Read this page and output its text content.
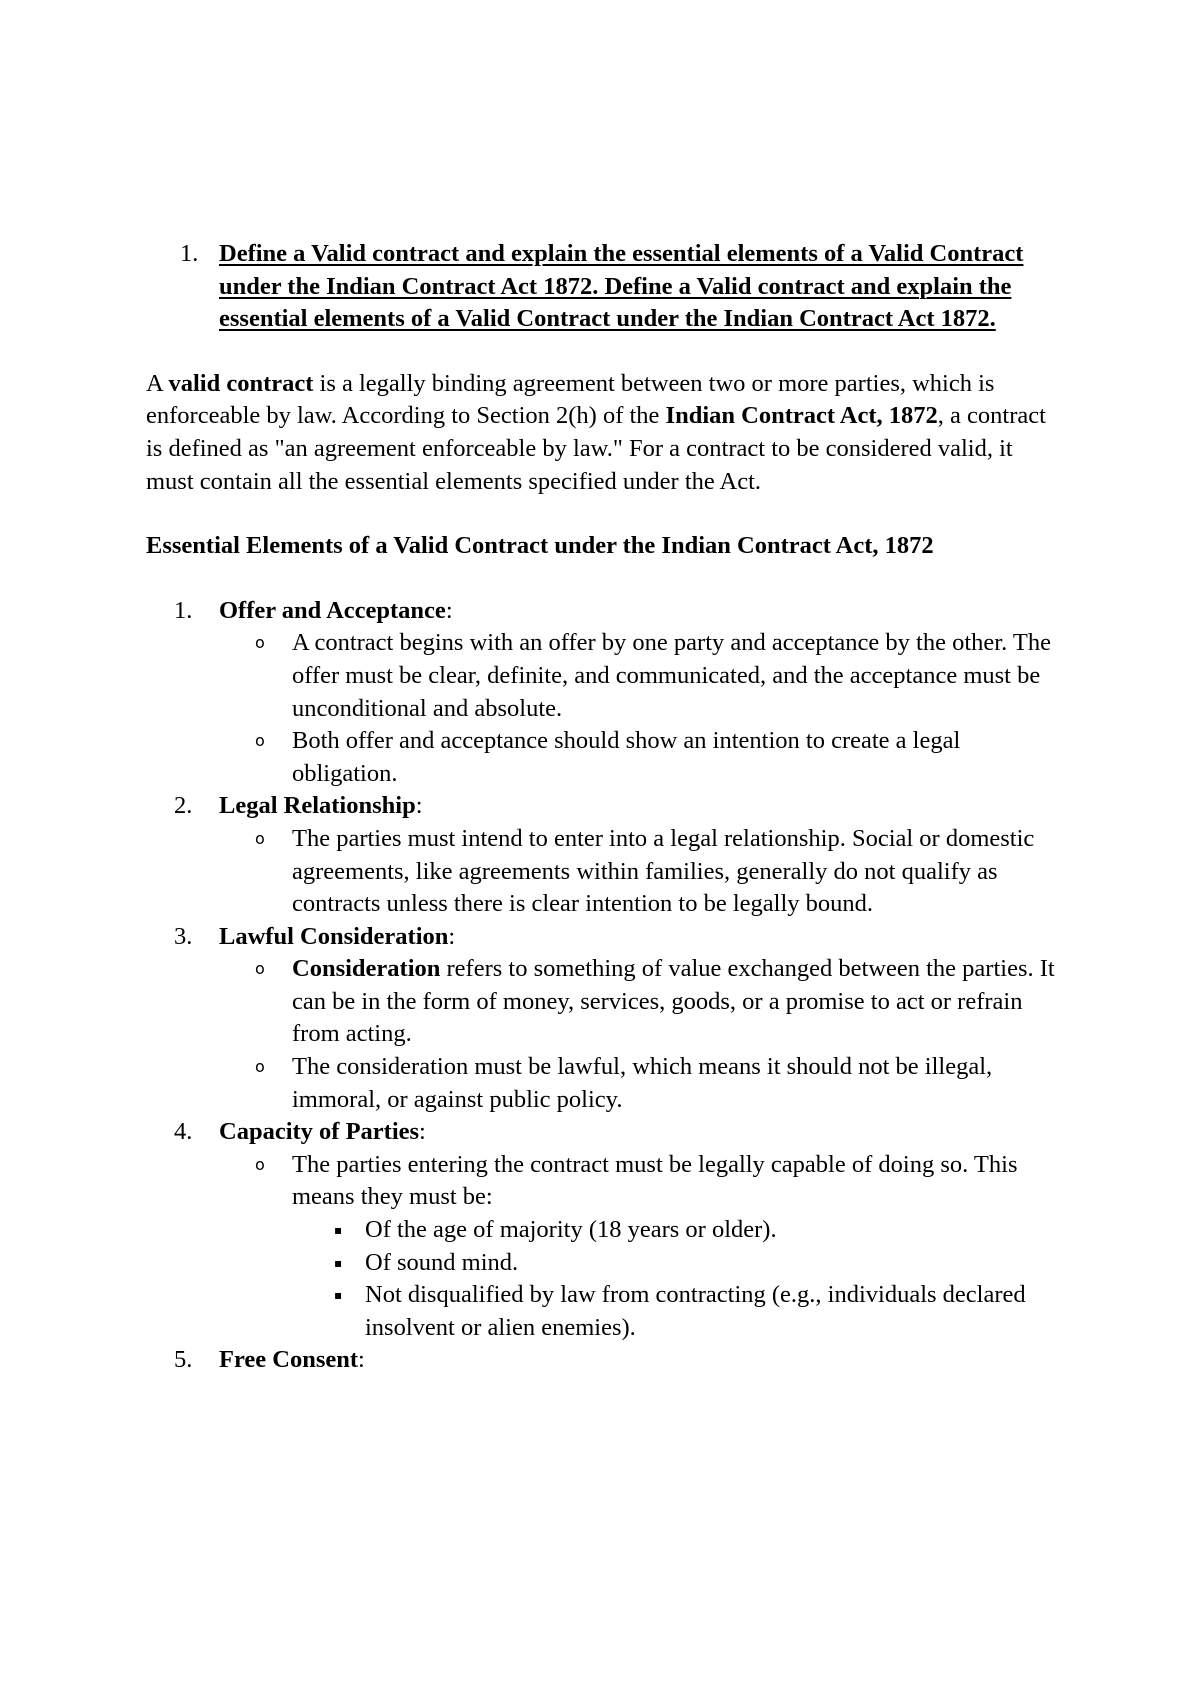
1. Define a Valid contract and explain the essential elements of a Valid Contract under the Indian Contract Act 1872. Define a Valid contract and explain the essential elements of a Valid Contract under the Indian Contract Act 1872.
A valid contract is a legally binding agreement between two or more parties, which is enforceable by law. According to Section 2(h) of the Indian Contract Act, 1872, a contract is defined as "an agreement enforceable by law." For a contract to be considered valid, it must contain all the essential elements specified under the Act.
Essential Elements of a Valid Contract under the Indian Contract Act, 1872
1. Offer and Acceptance:
o A contract begins with an offer by one party and acceptance by the other. The offer must be clear, definite, and communicated, and the acceptance must be unconditional and absolute.
o Both offer and acceptance should show an intention to create a legal obligation.
2. Legal Relationship:
o The parties must intend to enter into a legal relationship. Social or domestic agreements, like agreements within families, generally do not qualify as contracts unless there is clear intention to be legally bound.
3. Lawful Consideration:
o Consideration refers to something of value exchanged between the parties. It can be in the form of money, services, goods, or a promise to act or refrain from acting.
o The consideration must be lawful, which means it should not be illegal, immoral, or against public policy.
4. Capacity of Parties:
o The parties entering the contract must be legally capable of doing so. This means they must be:
▪ Of the age of majority (18 years or older).
▪ Of sound mind.
▪ Not disqualified by law from contracting (e.g., individuals declared insolvent or alien enemies).
5. Free Consent:
